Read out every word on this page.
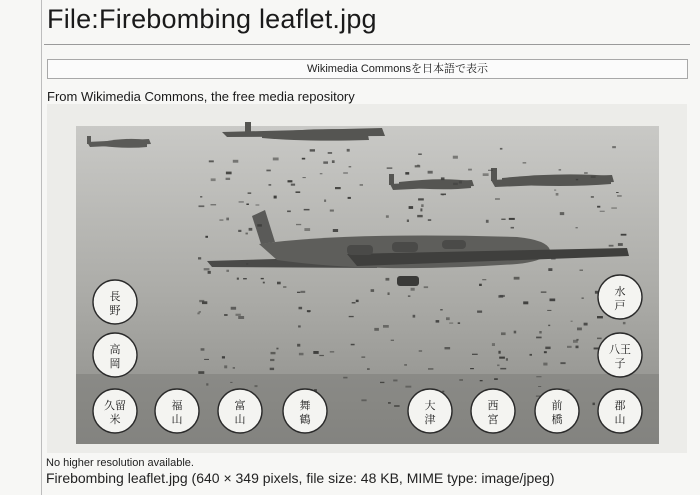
File:Firebombing leaflet.jpg
Wikimedia Commonsを日本語で表示
From Wikimedia Commons, the free media repository
長
野
高
岡
水
戸
八王
子
久留
米
福
山
富
山
舞
鶴
大
津
西
宮
前
橋
郡
山
No higher resolution available.
Firebombing leaflet.jpg (640 × 349 pixels, file size: 48 KB, MIME type: image/jpeg)
